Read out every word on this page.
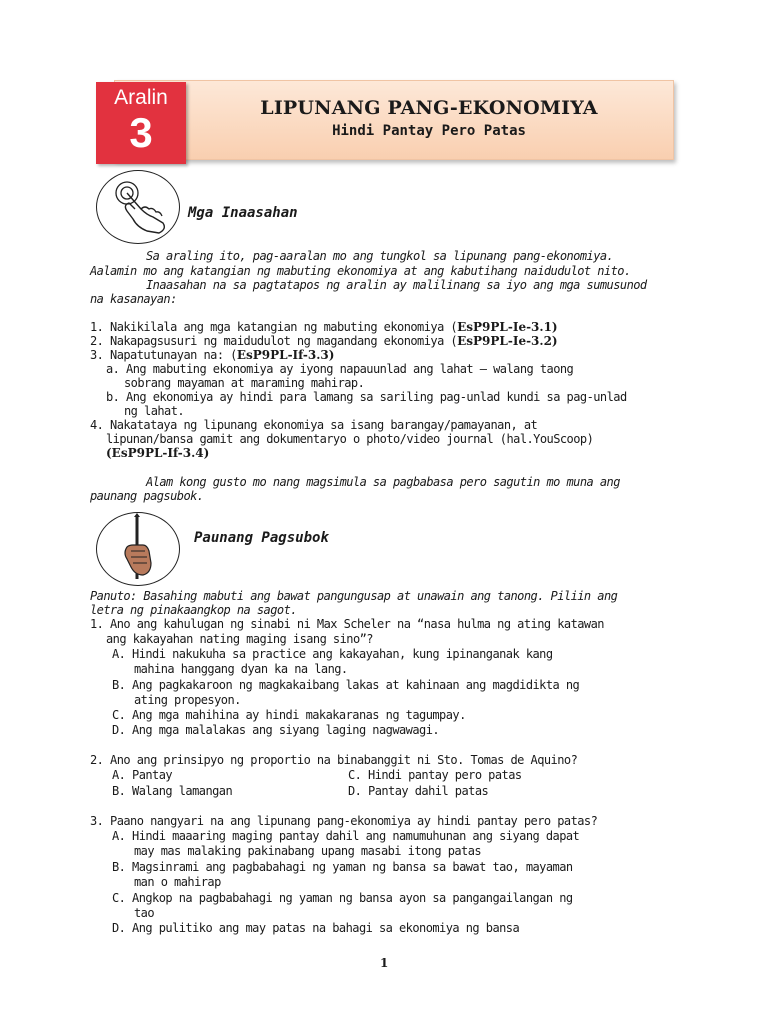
Aralin
3
LIPUNANG PANG-EKONOMIYA
Hindi Pantay Pero Patas
Mga Inaasahan
Sa araling ito, pag-aaralan mo ang tungkol sa lipunang pang-ekonomiya.
Aalamin mo ang katangian ng mabuting ekonomiya at ang kabutihang naidudulot nito.
Inaasahan na sa pagtatapos ng aralin ay malilinang sa iyo ang mga sumusunod
na kasanayan:
1. Nakikilala ang mga katangian ng mabuting ekonomiya (EsP9PL-Ie-3.1)
2. Nakapagsusuri ng maidudulot ng magandang ekonomiya (EsP9PL-Ie-3.2)
3. Napatutunayan na: (EsP9PL-If-3.3)
a. Ang mabuting ekonomiya ay iyong napauunlad ang lahat – walang taong
sobrang mayaman at maraming mahirap.
b. Ang ekonomiya ay hindi para lamang sa sariling pag-unlad kundi sa pag-unlad
ng lahat.
4. Nakatataya ng lipunang ekonomiya sa isang barangay/pamayanan, at
lipunan/bansa gamit ang dokumentaryo o photo/video journal (hal.YouScoop)
(EsP9PL-If-3.4)
Alam kong gusto mo nang magsimula sa pagbabasa pero sagutin mo muna ang
paunang pagsubok.
Paunang Pagsubok
Panuto: Basahing mabuti ang bawat pangungusap at unawain ang tanong. Piliin ang
letra ng pinakaangkop na sagot.
1. Ano ang kahulugan ng sinabi ni Max Scheler na “nasa hulma ng ating katawan
ang kakayahan nating maging isang sino”?
A. Hindi nakukuha sa practice ang kakayahan, kung ipinanganak kang
mahina hanggang dyan ka na lang.
B. Ang pagkakaroon ng magkakaibang lakas at kahinaan ang magdidikta ng
ating propesyon.
C. Ang mga mahihina ay hindi makakaranas ng tagumpay.
D. Ang mga malalakas ang siyang laging nagwawagi.
2. Ano ang prinsipyo ng proportio na binabanggit ni Sto. Tomas de Aquino?
A. Pantay	C. Hindi pantay pero patas
B. Walang lamangan	D. Pantay dahil patas
3. Paano nangyari na ang lipunang pang-ekonomiya ay hindi pantay pero patas?
A. Hindi maaaring maging pantay dahil ang namumuhunan ang siyang dapat
may mas malaking pakinabang upang masabi itong patas
B. Magsinrami ang pagbabahagi ng yaman ng bansa sa bawat tao, mayaman
man o mahirap
C. Angkop na pagbabahagi ng yaman ng bansa ayon sa pangangailangan ng
tao
D. Ang pulitiko ang may patas na bahagi sa ekonomiya ng bansa
1
